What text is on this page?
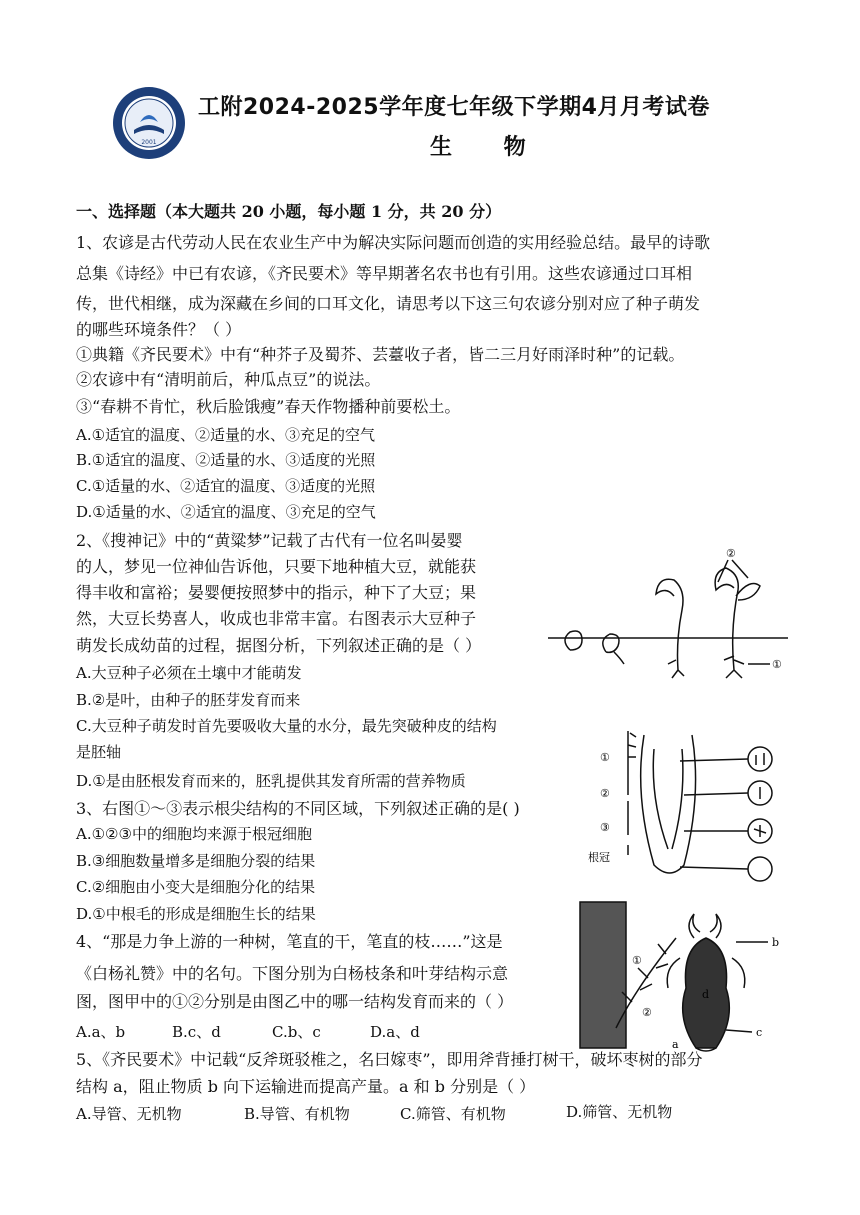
2001
工附2024-2025学年度七年级下学期4月月考试卷
生 物
一、选择题（本大题共 20 小题，每小题 1 分，共 20 分）
1、农谚是古代劳动人民在农业生产中为解决实际问题而创造的实用经验总结。最早的诗歌
总集《诗经》中已有农谚，《齐民要术》等早期著名农书也有引用。这些农谚通过口耳相
传，世代相继，成为深藏在乡间的口耳文化，请思考以下这三句农谚分别对应了种子萌发
的哪些环境条件？（ ）
①典籍《齐民要术》中有“种芥子及蜀芥、芸薹收子者，皆二三月好雨泽时种”的记载。
②农谚中有“清明前后，种瓜点豆”的说法。
③“春耕不肯忙，秋后脸饿瘦”春天作物播种前要松土。
A.①适宜的温度、②适量的水、③充足的空气
B.①适宜的温度、②适量的水、③适度的光照
C.①适量的水、②适宜的温度、③适度的光照
D.①适量的水、②适宜的温度、③充足的空气
2、《搜神记》中的“黄粱梦”记载了古代有一位名叫晏婴
的人，梦见一位神仙告诉他，只要下地种植大豆，就能获
得丰收和富裕；晏婴便按照梦中的指示，种下了大豆；果
然，大豆长势喜人，收成也非常丰富。右图表示大豆种子
萌发长成幼苗的过程，据图分析，下列叙述正确的是（ ）
A.大豆种子必须在土壤中才能萌发
B.②是叶，由种子的胚芽发育而来
C.大豆种子萌发时首先要吸收大量的水分，最先突破种皮的结构
是胚轴
D.①是由胚根发育而来的，胚乳提供其发育所需的营养物质
②
①
3、右图①～③表示根尖结构的不同区域，下列叙述正确的是( )
A.①②③中的细胞均来源于根冠细胞
B.③细胞数量增多是细胞分裂的结果
C.②细胞由小变大是细胞分化的结果
D.①中根毛的形成是细胞生长的结果
①
②
③
根冠
4、“那是力争上游的一种树，笔直的干，笔直的枝……”这是
《白杨礼赞》中的名句。下图分别为白杨枝条和叶芽结构示意
图，图甲中的①②分别是由图乙中的哪一结构发育而来的（ ）
A.a、b	B.c、d	C.b、c	D.a、d
①
②
a
b
c
d
5、《齐民要术》中记载“反斧斑驳椎之，名曰嫁枣”，即用斧背捶打树干，破坏枣树的部分
结构 a，阻止物质 b 向下运输进而提高产量。a 和 b 分别是（ ）
A.导管、无机物	B.导管、有机物	C.筛管、有机物	D.筛管、无机物
